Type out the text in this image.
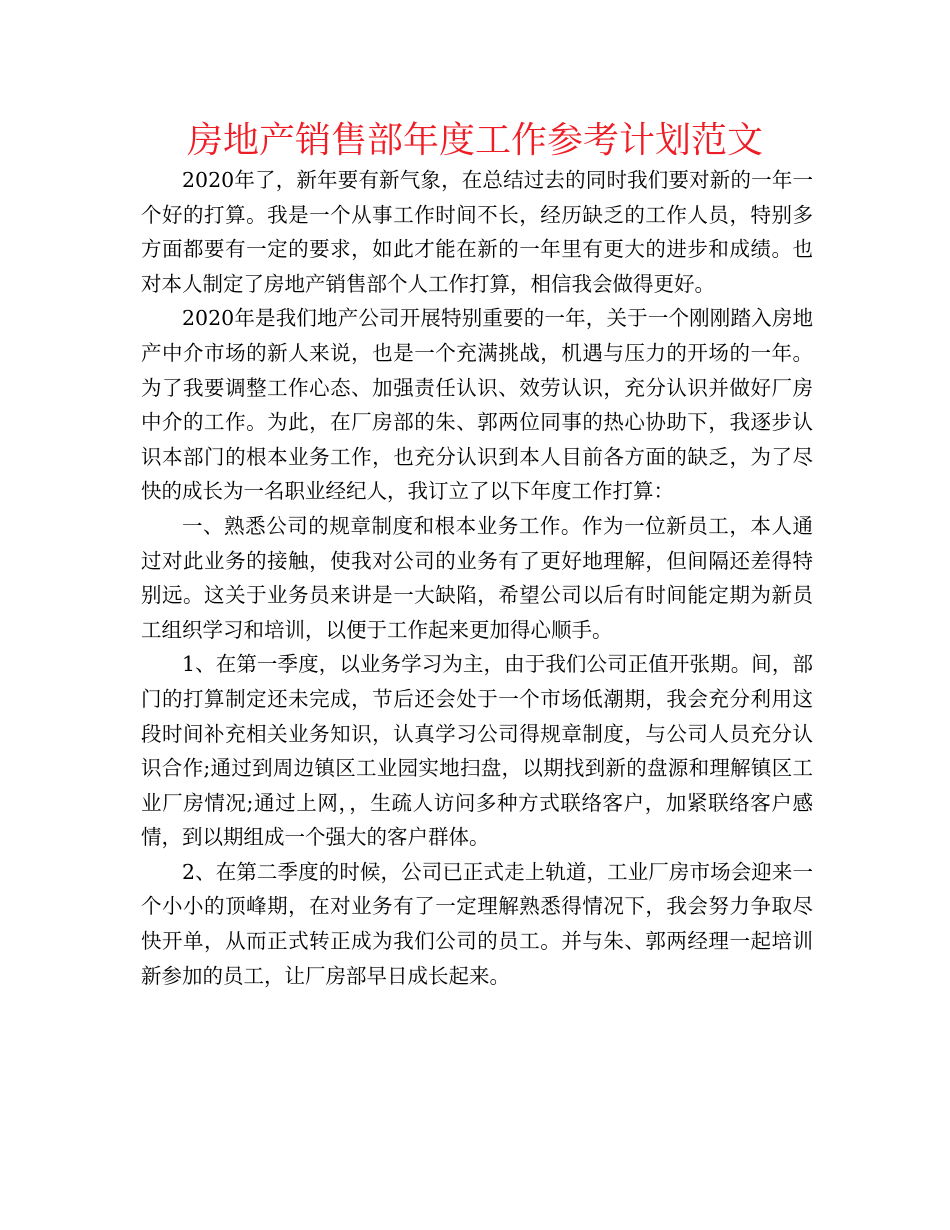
房地产销售部年度工作参考计划范文

2020年了，新年要有新气象，在总结过去的同时我们要对新的一年一个好的打算。我是一个从事工作时间不长，经历缺乏的工作人员，特别多方面都要有一定的要求，如此才能在新的一年里有更大的进步和成绩。也对本人制定了房地产销售部个人工作打算，相信我会做得更好。

2020年是我们地产公司开展特别重要的一年，关于一个刚刚踏入房地产中介市场的新人来说，也是一个充满挑战，机遇与压力的开场的一年。为了我要调整工作心态、加强责任认识、效劳认识，充分认识并做好厂房中介的工作。为此，在厂房部的朱、郭两位同事的热心协助下，我逐步认识本部门的根本业务工作，也充分认识到本人目前各方面的缺乏，为了尽快的成长为一名职业经纪人，我订立了以下年度工作打算：

一、熟悉公司的规章制度和根本业务工作。作为一位新员工，本人通过对此业务的接触，使我对公司的业务有了更好地理解，但间隔还差得特别远。这关于业务员来讲是一大缺陷，希望公司以后有时间能定期为新员工组织学习和培训，以便于工作起来更加得心顺手。

1、在第一季度，以业务学习为主，由于我们公司正值开张期。间，部门的打算制定还未完成，节后还会处于一个市场低潮期，我会充分利用这段时间补充相关业务知识，认真学习公司得规章制度，与公司人员充分认识合作;通过到周边镇区工业园实地扫盘，以期找到新的盘源和理解镇区工业厂房情况;通过上网，，生疏人访问多种方式联络客户，加紧联络客户感情，到以期组成一个强大的客户群体。

2、在第二季度的时候，公司已正式走上轨道，工业厂房市场会迎来一个小小的顶峰期，在对业务有了一定理解熟悉得情况下，我会努力争取尽快开单，从而正式转正成为我们公司的员工。并与朱、郭两经理一起培训新参加的员工，让厂房部早日成长起来。
